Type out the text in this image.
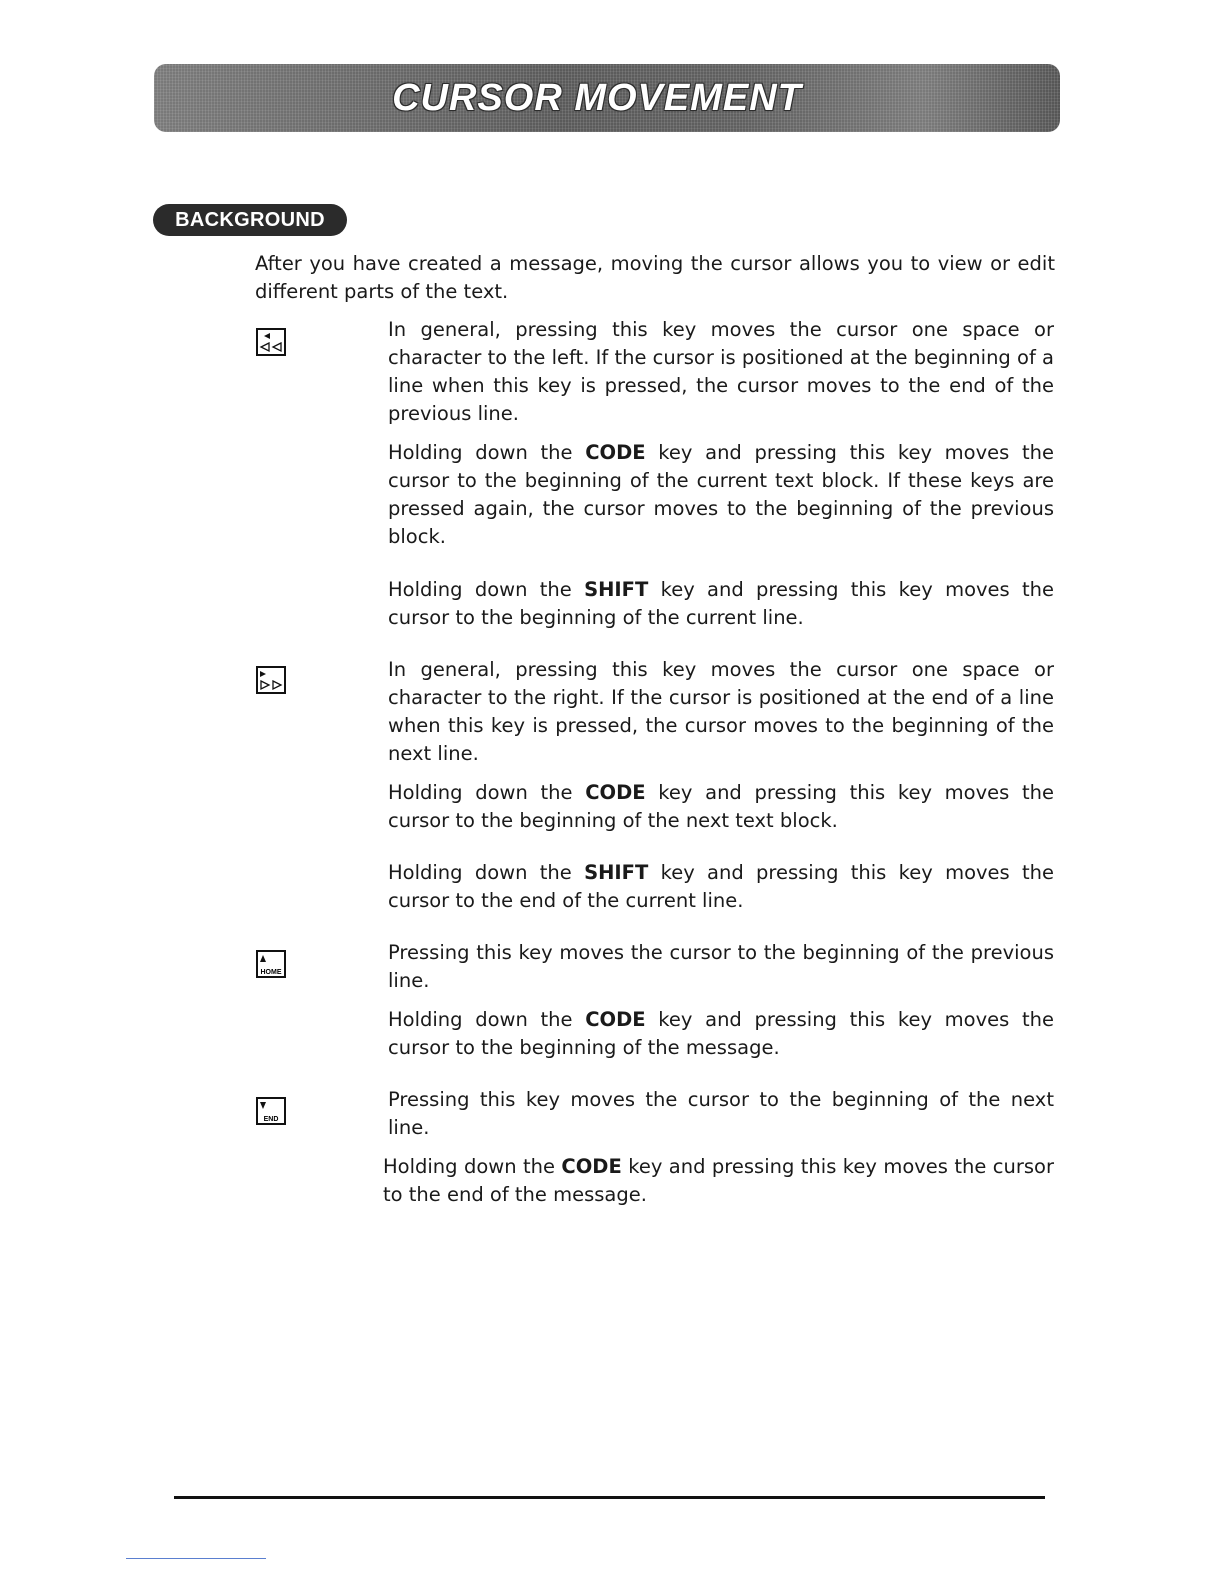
CURSOR MOVEMENT
BACKGROUND

After you have created a message, moving the cursor allows you to view or edit different parts of the text.

In general, pressing this key moves the cursor one space or character to the left. If the cursor is positioned at the beginning of a line when this key is pressed, the cursor moves to the end of the previous line.

Holding down the CODE key and pressing this key moves the cursor to the beginning of the current text block. If these keys are pressed again, the cursor moves to the beginning of the previous block.

Holding down the SHIFT key and pressing this key moves the cursor to the beginning of the current line.

In general, pressing this key moves the cursor one space or character to the right. If the cursor is positioned at the end of a line when this key is pressed, the cursor moves to the beginning of the next line.

Holding down the CODE key and pressing this key moves the cursor to the beginning of the next text block.

Holding down the SHIFT key and pressing this key moves the cursor to the end of the current line.

HOME

Pressing this key moves the cursor to the beginning of the previous line.

Holding down the CODE key and pressing this key moves the cursor to the beginning of the message.

END

Pressing this key moves the cursor to the beginning of the next line.

Holding down the CODE key and pressing this key moves the cursor to the end of the message.
